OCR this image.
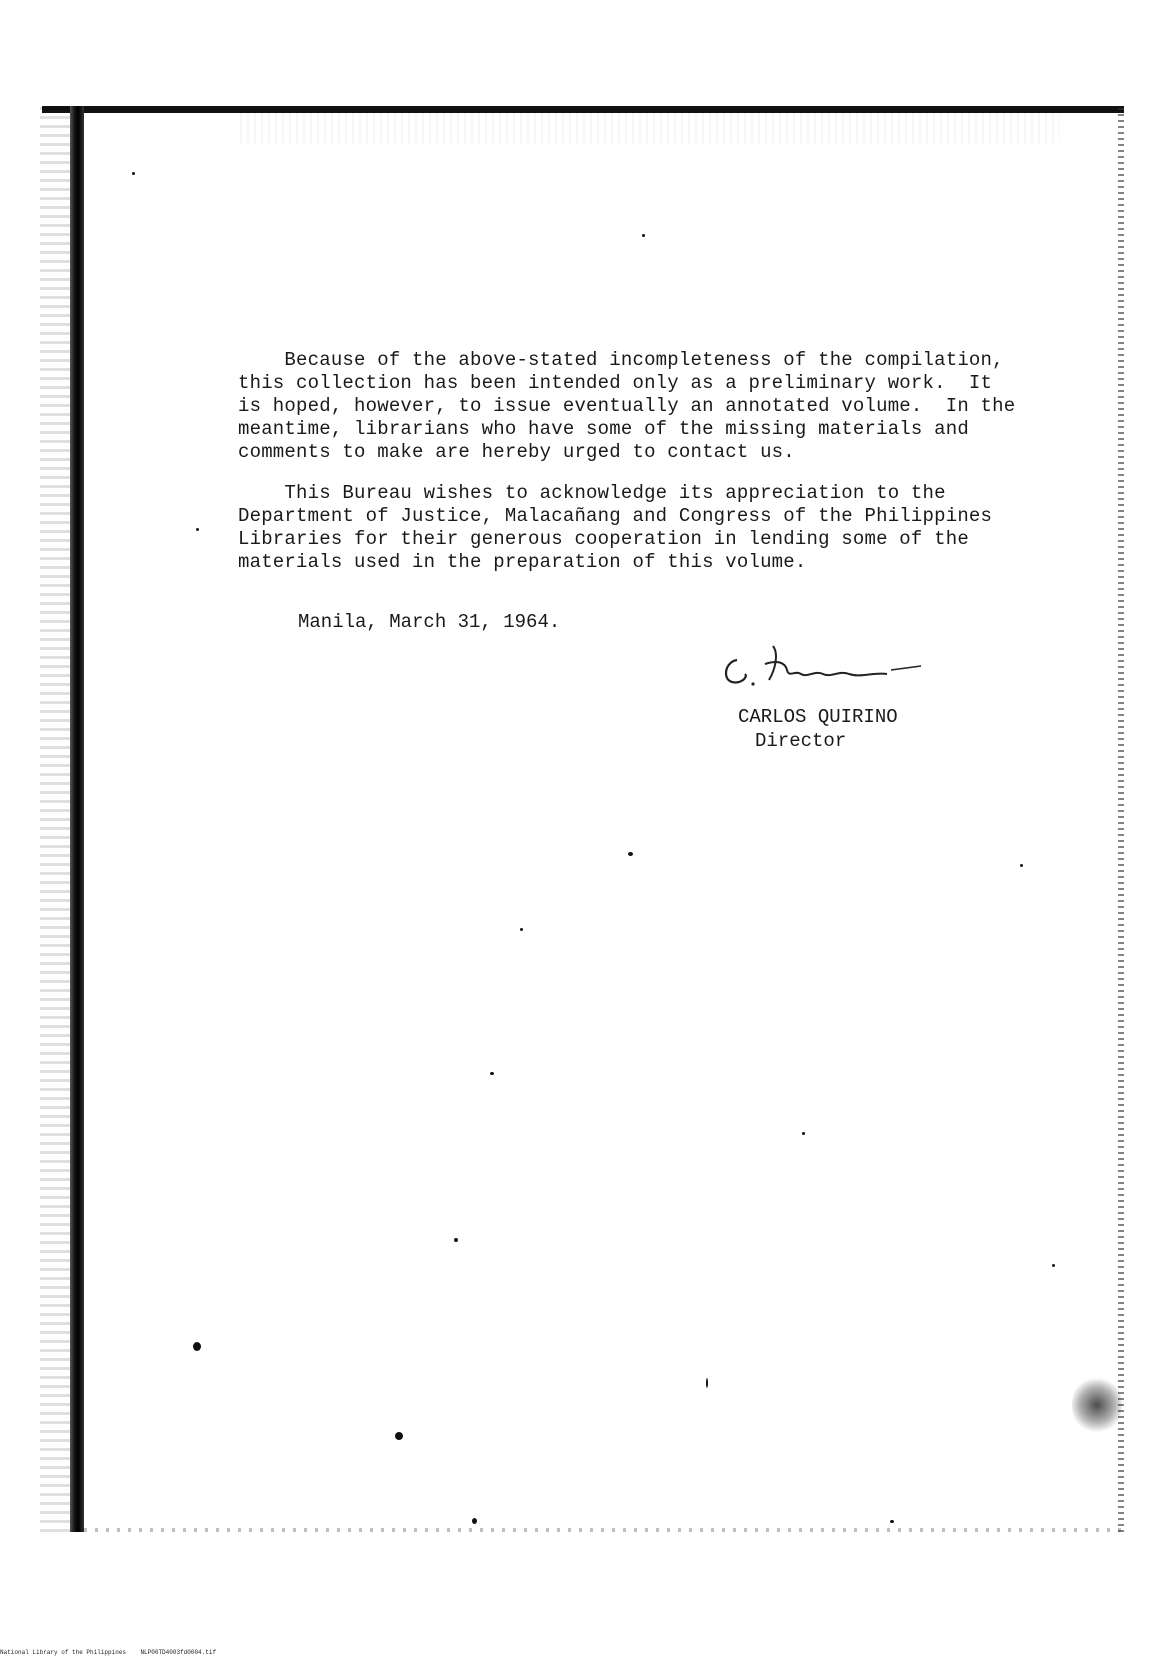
Because of the above-stated incompleteness of the compilation,
this collection has been intended only as a preliminary work.  It
is hoped, however, to issue eventually an annotated volume.  In the
meantime, librarians who have some of the missing materials and
comments to make are hereby urged to contact us.

This Bureau wishes to acknowledge its appreciation to the
Department of Justice, Malacañang and Congress of the Philippines
Libraries for their generous cooperation in lending some of the
materials used in the preparation of this volume.

Manila, March 31, 1964.
CARLOS QUIRINO
Director
National Library of the Philippines NLP00TD4003fd0004.tif
